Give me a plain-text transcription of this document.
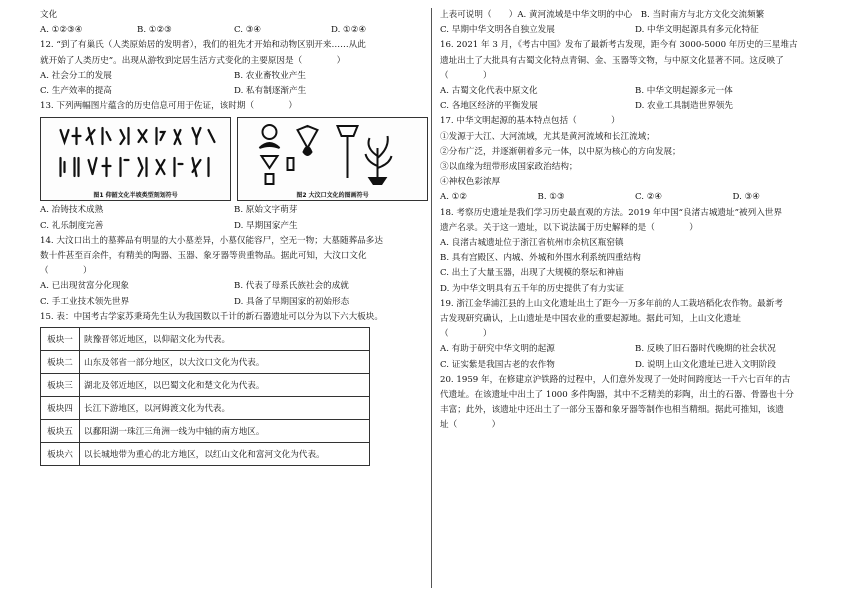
文化

A. ①②③④	B. ①②③	C. ③④	D. ①②④

12. “到了有巢氏（人类原始居的发明者），我们的祖先才开始和动物区别开来……从此

就开始了人类历史”。出现从游牧到定居生活方式变化的主要原因是（　　　　）

A. 社会分工的发展	B. 农业畜牧业产生
C. 生产效率的提高	D. 私有制逐渐产生

13. 下列两幅图片蕴含的历史信息可用于佐证，该时期（　　　　）

图1 仰韶文化半坡类型刻划符号	图2 大汶口文化的图画符号
A. 冶铸技术成熟	B. 原始文字萌芽
C. 礼乐制度完善	D. 早期国家产生

14. 大汶口出土的墓葬品有明显的大小墓差异，小墓仅能容尸，空无一物；大墓随葬品多达

数十件甚至百余件，有精美的陶器、玉器、象牙器等贵重物品。据此可知，大汶口文化

（　　　　）

A. 已出现贫富分化现象	B. 代表了母系氏族社会的成就
C. 手工业技术领先世界	D. 具备了早期国家的初始形态

15. 表：中国考古学家苏秉琦先生认为我国数以千计的新石器遗址可以分为以下六大板块。

板块一	陕豫晋邻近地区，以仰韶文化为代表。
板块二	山东及邻省一部分地区，以大汶口文化为代表。
板块三	湖北及邻近地区，以巴蜀文化和楚文化为代表。
板块四	长江下游地区，以河姆渡文化为代表。
板块五	以鄱阳湖一珠江三角洲一线为中轴的南方地区。
板块六	以长城地带为重心的北方地区，以红山文化和富河文化为代表。

上表可说明（　　）A. 黄河流域是中华文明的中心　B. 当时南方与北方文化交流频繁

C. 早期中华文明各自独立发展	D. 中华文明起源具有多元化特征

16. 2021 年 3 月，《考古中国》发布了最新考古发现，距今有 3000-5000 年历史的三星堆古

遗址出土了大批具有古蜀文化特点青铜、金、玉器等文物，与中原文化显著不同。这反映了

（　　　　）

A. 古蜀文化代表中原文化	B. 中华文明起源多元一体
C. 各地区经济的平衡发展	D. 农业工具制造世界领先

17. 中华文明起源的基本特点包括（　　　　）

①发源于大江、大河流域，尤其是黄河流域和长江流域；

②分布广泛，并逐渐朝着多元一体，以中原为核心的方向发展；

③以血缘为纽带形成国家政治结构；

④神权色彩浓厚

A. ①②	B. ①③	C. ②④	D. ③④

18. 考察历史遗址是我们学习历史最直观的方法。2019 年中国“良渚古城遗址”被列入世界

遗产名录。关于这一遗址，以下说法属于历史解释的是（　　　　）

A. 良渚古城遗址位于浙江省杭州市余杭区瓶窑镇

B. 具有宫殿区、内城、外城和外围水利系统四重结构

C. 出土了大量玉器，出现了大规模的祭坛和神庙

D. 为中华文明具有五千年的历史提供了有力实证

19. 浙江金华浦江县的上山文化遗址出土了距今一万多年前的人工栽培稻化农作物。最新考

古发现研究确认，上山遗址是中国农业的重要起源地。据此可知，上山文化遗址

（　　　　）

A. 有助于研究中华文明的起源	B. 反映了旧石器时代晚期的社会状况
C. 证实紫是我国古老的农作物	D. 说明上山文化遗址已进入文明阶段

20. 1959 年，在修建京沪铁路的过程中，人们意外发现了一处时间跨度达一千六七百年的古

代遗址。在该遗址中出土了 1000 多件陶器，其中不乏精美的彩陶，出土的石器、骨器也十分

丰富；此外，该遗址中还出土了一部分玉器和象牙器等制作也相当精细。据此可推知，该遗

址（　　　　）
